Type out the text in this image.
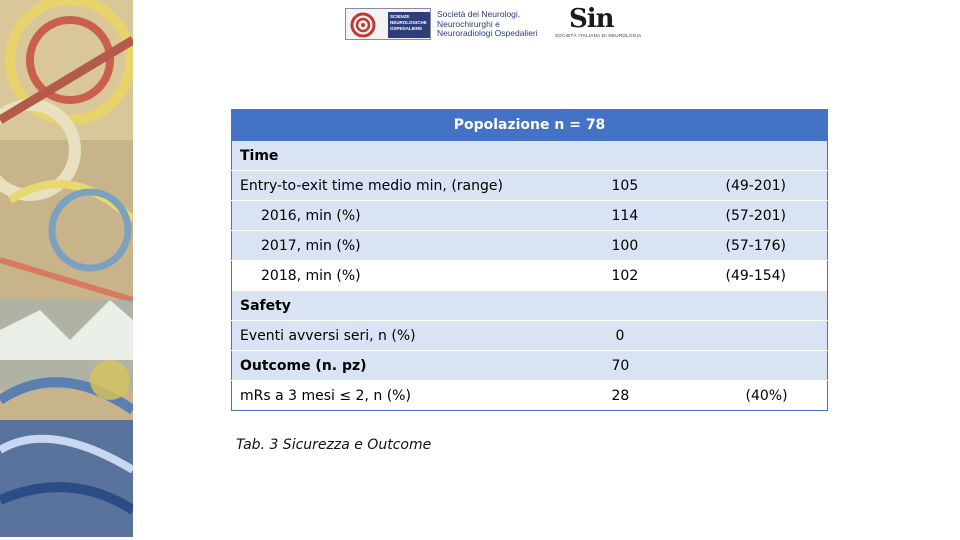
SCIENZE NEUROLOGICHE OSPEDALIERE
Società dei Neurologi,
Neurochirurghi e
Neuroradiologi Ospedalieri	Sin
SOCIETÀ ITALIANA DI NEUROLOGIA
Popolazione n = 78		
Time		
Entry-to-exit time medio min, (range)	105	(49-201)
2016, min (%)	114	(57-201)
2017, min (%)	100	(57-176)
2018, min (%)	102	(49-154)
Safety		
Eventi avversi seri, n (%)	0	
Outcome (n. pz)	70	
mRs a 3 mesi ≤ 2, n (%)	28	(40%)
Tab. 3 Sicurezza e Outcome
